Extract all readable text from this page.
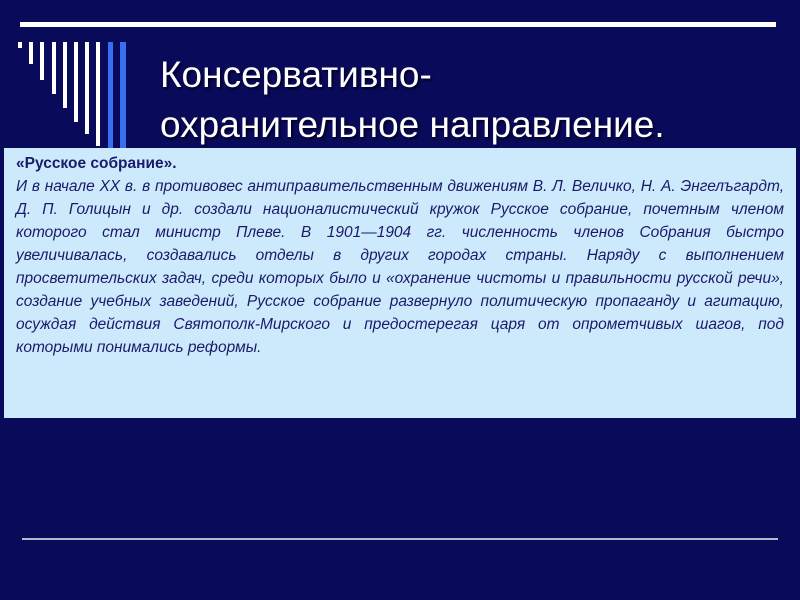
Консервативно-
охранительное направление.
«Русское собрание».
И в начале XX в. в противовес антиправительственным движениям В. Л. Величко, Н. А. Энгелъгардт, Д. П. Голицын и др. создали националистический кружок Русское собрание, почетным членом которого стал министр Плеве. В 1901—1904 гг. численность членов Собрания быстро увеличивалась, создавались отделы в других городах страны. Наряду с выполнением просветительских задач, среди которых было и «охранение чистоты и правильности русской речи», создание учебных заведений, Русское собрание развернуло политическую пропаганду и агитацию, осуждая действия Святополк-Мирского и предостерегая царя от опрометчивых шагов, под которыми понимались реформы.
